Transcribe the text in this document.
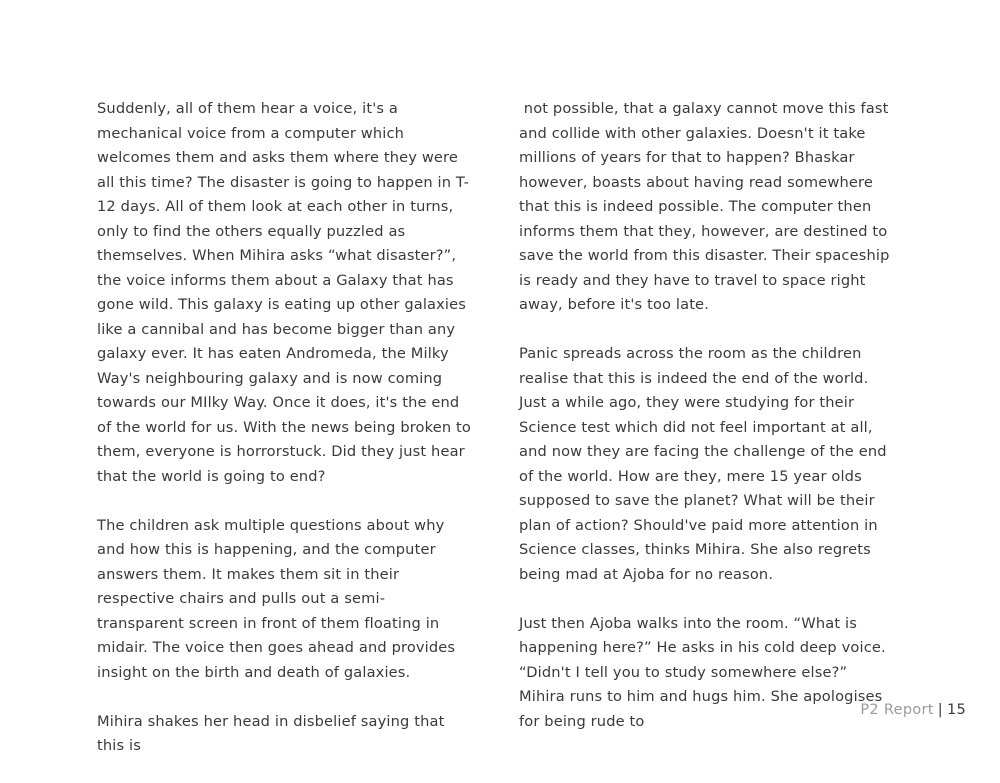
Suddenly, all of them hear a voice, it's a mechanical voice from a computer which welcomes them and asks them where they were all this time? The disaster is going to happen in T-12 days. All of them look at each other in turns, only to find the others equally puzzled as themselves. When Mihira asks “what disaster?”, the voice informs them about a Galaxy that has gone wild. This galaxy is eating up other galaxies like a cannibal and has become bigger than any galaxy ever. It has eaten Andromeda, the Milky Way's neighbouring galaxy and is now coming towards our MIlky Way. Once it does, it's the end of the world for us. With the news being broken to them, everyone is horrorstuck. Did they just hear that the world is going to end?

The children ask multiple questions about why and how this is happening, and the computer answers them. It makes them sit in their respective chairs and pulls out a semi- transparent screen in front of them floating in midair. The voice then goes ahead and provides insight on the birth and death of galaxies.

Mihira shakes her head in disbelief saying that this is

not possible, that a galaxy cannot move this fast and collide with other galaxies. Doesn't it take millions of years for that to happen? Bhaskar however, boasts about having read somewhere that this is indeed possible. The computer then informs them that they, however, are destined to save the world from this disaster. Their spaceship is ready and they have to travel to space right away, before it's too late.

Panic spreads across the room as the children realise that this is indeed the end of the world. Just a while ago, they were studying for their Science test which did not feel important at all, and now they are facing the challenge of the end of the world. How are they, mere 15 year olds supposed to save the planet? What will be their plan of action? Should've paid more attention in Science classes, thinks Mihira. She also regrets being mad at Ajoba for no reason.

Just then Ajoba walks into the room. “What is happening here?” He asks in his cold deep voice. “Didn't I tell you to study somewhere else?” Mihira runs to him and hugs him. She apologises for being rude to

P2 Report | 15
